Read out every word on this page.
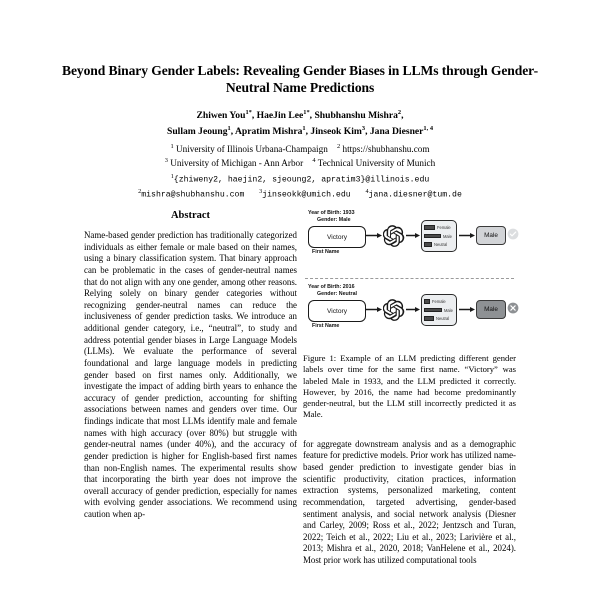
Beyond Binary Gender Labels: Revealing Gender Biases in LLMs through Gender-Neutral Name Predictions
Zhiwen You$^{1*}$, HaeJin Lee$^{1*}$, Shubhanshu Mishra$^2$,
Sullam Jeoung$^1$, Apratim Mishra$^1$, Jinseok Kim$^3$, Jana Diesner$^{1, 4}$
$^1$ University of Illinois Urbana-Champaign $^2$ https://shubhanshu.com
$^3$ University of Michigan - Ann Arbor $^4$ Technical University of Munich
$^1${zhiweny2, haejin2, sjeoung2, apratim3}@illinois.edu
$^2$mishra@shubhanshu.com $^3$jinseokk@umich.edu $^4$jana.diesner@tum.de
Abstract

Name-based gender prediction has traditionally categorized individuals as either female or male based on their names, using a binary classification system. That binary approach can be problematic in the cases of gender-neutral names that do not align with any one gender, among other reasons. Relying solely on binary gender categories without recognizing gender-neutral names can reduce the inclusiveness of gender prediction tasks. We introduce an additional gender category, i.e., “neutral”, to study and address potential gender biases in Large Language Models (LLMs). We evaluate the performance of several foundational and large language models in predicting gender based on first names only. Additionally, we investigate the impact of adding birth years to enhance the accuracy of gender prediction, accounting for shifting associations between names and genders over time. Our findings indicate that most LLMs identify male and female names with high accuracy (over 80%) but struggle with gender-neutral names (under 40%), and the accuracy of gender prediction is higher for English-based first names than non-English names. The experimental results show that incorporating the birth year does not improve the overall accuracy of gender prediction, especially for names with evolving gender associations. We recommend using caution when ap-

Year of Birth: 1933
Gender: Male
Victory
First Name
Female
Male
Neutral
Male
Year of Birth: 2016
Gender: Neutral
Victory
First Name
Female
Male
Neutral
Male
Figure 1: Example of an LLM predicting different gender labels over time for the same first name. “Victory” was labeled Male in 1933, and the LLM predicted it correctly. However, by 2016, the name had become predominantly gender-neutral, but the LLM still incorrectly predicted it as Male.

for aggregate downstream analysis and as a demographic feature for predictive models. Prior work has utilized name-based gender prediction to investigate gender bias in scientific productivity, citation practices, information extraction systems, personalized marketing, content recommendation, targeted advertising, gender-based sentiment analysis, and social network analysis (Diesner and Carley, 2009; Ross et al., 2022; Jentzsch and Turan, 2022; Teich et al., 2022; Liu et al., 2023; Larivière et al., 2013; Mishra et al., 2020, 2018; VanHelene et al., 2024). Most prior work has utilized computational tools
